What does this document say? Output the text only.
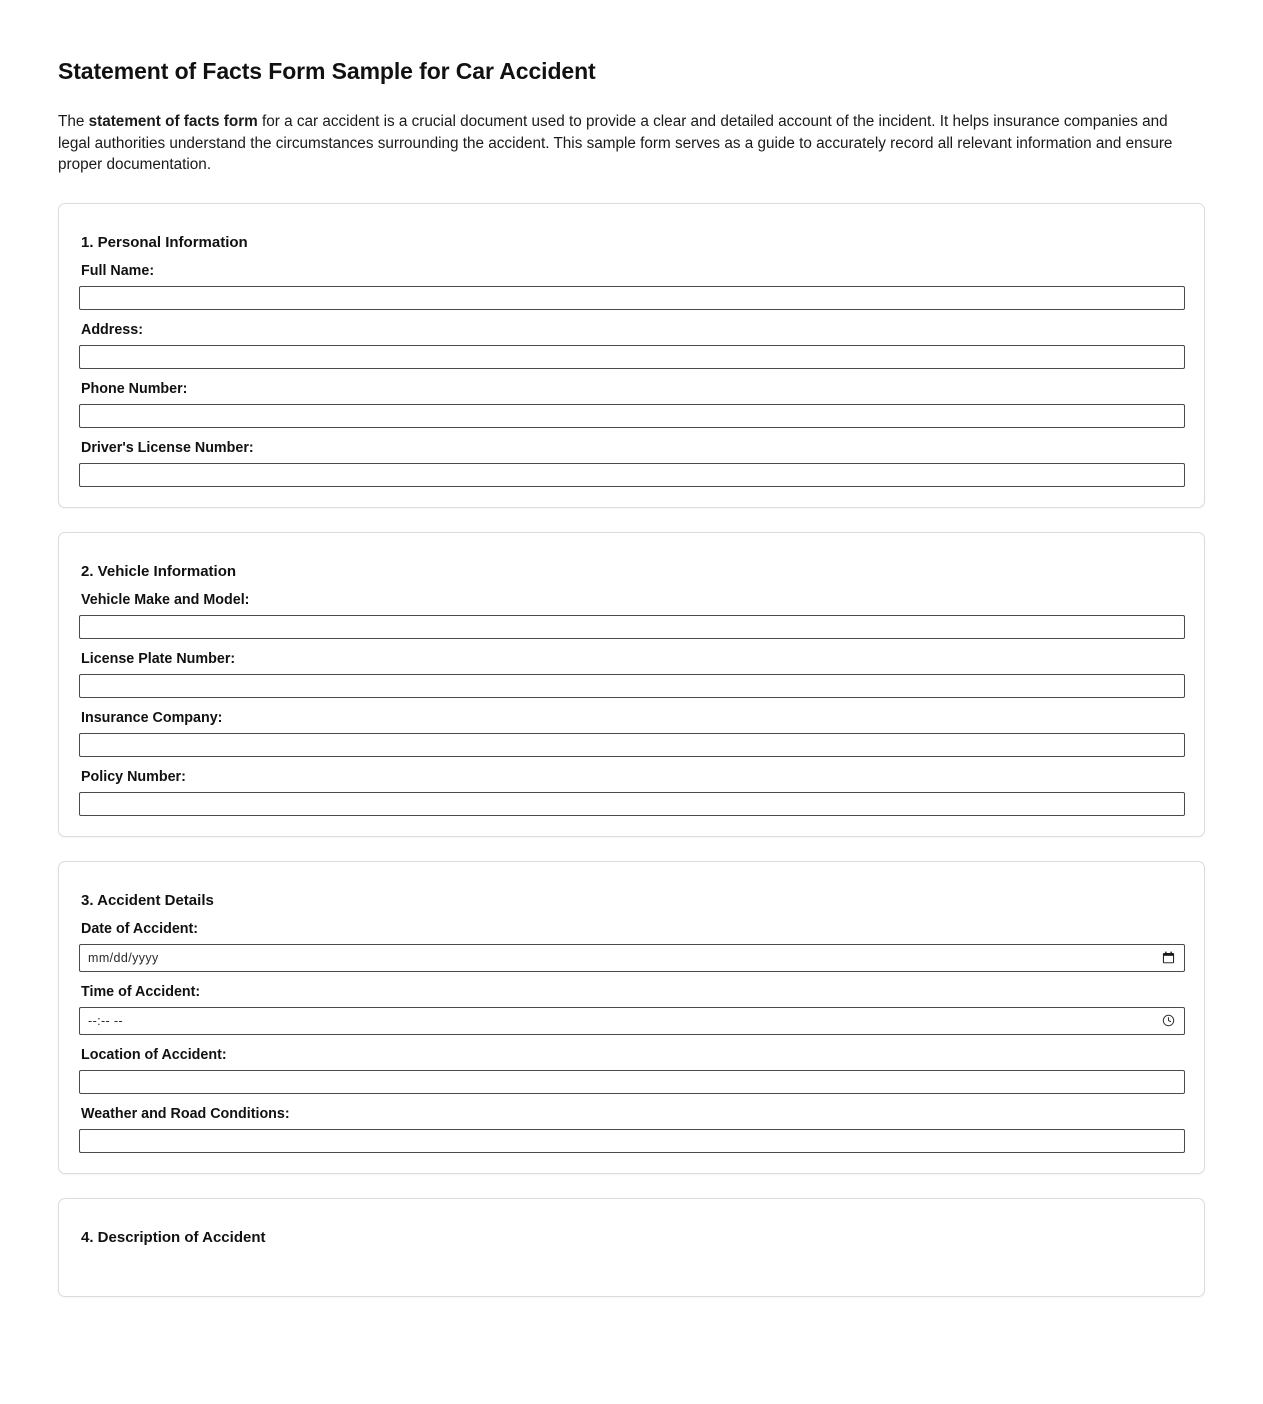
Statement of Facts Form Sample for Car Accident

The statement of facts form for a car accident is a crucial document used to provide a clear and detailed account of the incident. It helps insurance companies and legal authorities understand the circumstances surrounding the accident. This sample form serves as a guide to accurately record all relevant information and ensure proper documentation.

1. Personal Information
Full Name:
Address:
Phone Number:
Driver's License Number:
2. Vehicle Information
Vehicle Make and Model:
License Plate Number:
Insurance Company:
Policy Number:
3. Accident Details
Date of Accident:
mm/dd/yyyy
Time of Accident:
--:-- --
Location of Accident:
Weather and Road Conditions:
4. Description of Accident
